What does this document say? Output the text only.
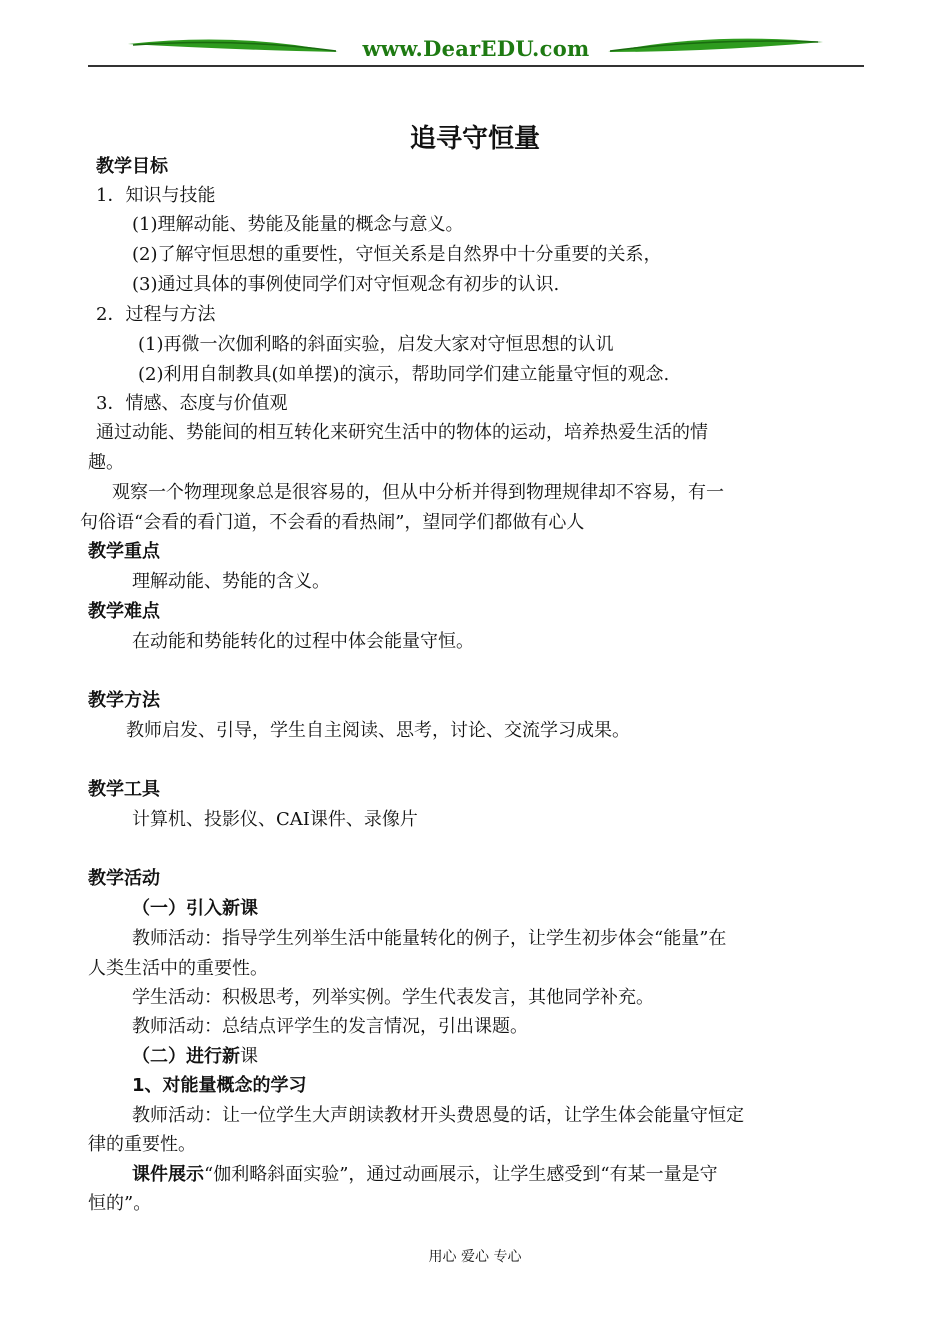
www.DearEDU.com
追寻守恒量
教学目标
1．知识与技能
(1)理解动能、势能及能量的概念与意义。
(2)了解守恒思想的重要性，守恒关系是自然界中十分重要的关系，
(3)通过具体的事例使同学们对守恒观念有初步的认识.
2．过程与方法
(1)再微一次伽利略的斜面实验，启发大家对守恒思想的认讥
(2)利用自制教具(如单摆)的演示，帮助同学们建立能量守恒的观念.
3．情感、态度与价值观
通过动能、势能间的相互转化来研究生活中的物体的运动，培养热爱生活的情
趣。
观察一个物理现象总是很容易的，但从中分析并得到物理规律却不容易，有一
句俗语“会看的看门道，不会看的看热闹”，望同学们都做有心人
教学重点
理解动能、势能的含义。
教学难点
在动能和势能转化的过程中体会能量守恒。
教学方法
教师启发、引导，学生自主阅读、思考，讨论、交流学习成果。
教学工具
计算机、投影仪、CAI课件、录像片
教学活动
（一）引入新课
教师活动：指导学生列举生活中能量转化的例子，让学生初步体会“能量”在
人类生活中的重要性。
学生活动：积极思考，列举实例。学生代表发言，其他同学补充。
教师活动：总结点评学生的发言情况，引出课题。
（二）进行新课
1、对能量概念的学习
教师活动：让一位学生大声朗读教材开头费恩曼的话，让学生体会能量守恒定
律的重要性。
课件展示“伽利略斜面实验”，通过动画展示，让学生感受到“有某一量是守
恒的”。
用心 爱心 专心
